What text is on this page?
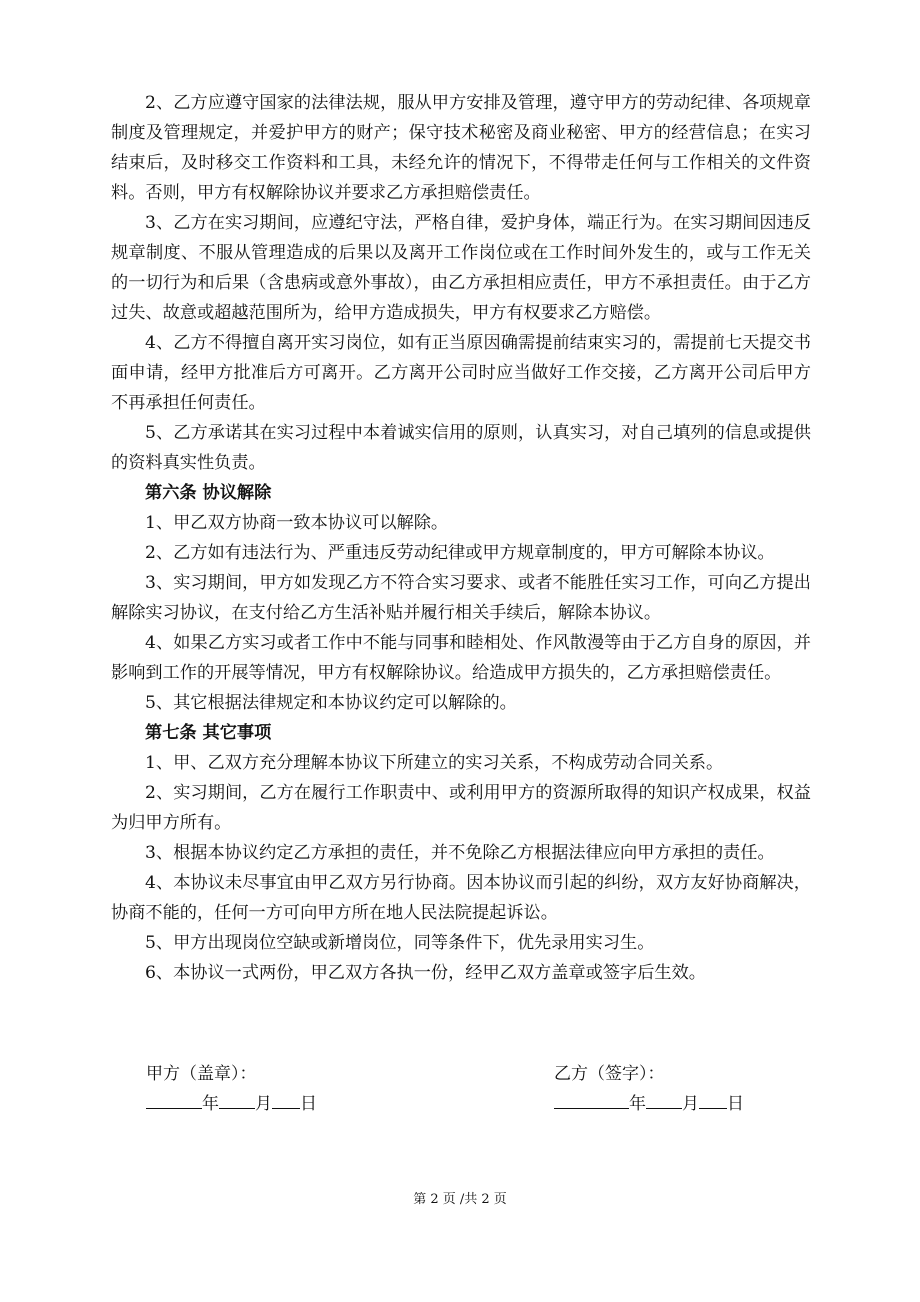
2、乙方应遵守国家的法律法规，服从甲方安排及管理，遵守甲方的劳动纪律、各项规章制度及管理规定，并爱护甲方的财产；保守技术秘密及商业秘密、甲方的经营信息；在实习结束后，及时移交工作资料和工具，未经允许的情况下，不得带走任何与工作相关的文件资料。否则，甲方有权解除协议并要求乙方承担赔偿责任。

3、乙方在实习期间，应遵纪守法，严格自律，爱护身体，端正行为。在实习期间因违反规章制度、不服从管理造成的后果以及离开工作岗位或在工作时间外发生的，或与工作无关的一切行为和后果（含患病或意外事故），由乙方承担相应责任，甲方不承担责任。由于乙方过失、故意或超越范围所为，给甲方造成损失，甲方有权要求乙方赔偿。

4、乙方不得擅自离开实习岗位，如有正当原因确需提前结束实习的，需提前七天提交书面申请，经甲方批准后方可离开。乙方离开公司时应当做好工作交接，乙方离开公司后甲方不再承担任何责任。

5、乙方承诺其在实习过程中本着诚实信用的原则，认真实习，对自己填列的信息或提供的资料真实性负责。

第六条 协议解除

1、甲乙双方协商一致本协议可以解除。

2、乙方如有违法行为、严重违反劳动纪律或甲方规章制度的，甲方可解除本协议。

3、实习期间，甲方如发现乙方不符合实习要求、或者不能胜任实习工作，可向乙方提出解除实习协议，在支付给乙方生活补贴并履行相关手续后，解除本协议。

4、如果乙方实习或者工作中不能与同事和睦相处、作风散漫等由于乙方自身的原因，并影响到工作的开展等情况，甲方有权解除协议。给造成甲方损失的，乙方承担赔偿责任。

5、其它根据法律规定和本协议约定可以解除的。

第七条 其它事项

1、甲、乙双方充分理解本协议下所建立的实习关系，不构成劳动合同关系。

2、实习期间，乙方在履行工作职责中、或利用甲方的资源所取得的知识产权成果，权益为归甲方所有。

3、根据本协议约定乙方承担的责任，并不免除乙方根据法律应向甲方承担的责任。

4、本协议未尽事宜由甲乙双方另行协商。因本协议而引起的纠纷，双方友好协商解决，协商不能的，任何一方可向甲方所在地人民法院提起诉讼。

5、甲方出现岗位空缺或新增岗位，同等条件下，优先录用实习生。

6、本协议一式两份，甲乙双方各执一份，经甲乙双方盖章或签字后生效。

甲方（盖章）：	乙方（签字）：
年 月 日	年 月 日
第 2 页 /共 2 页
